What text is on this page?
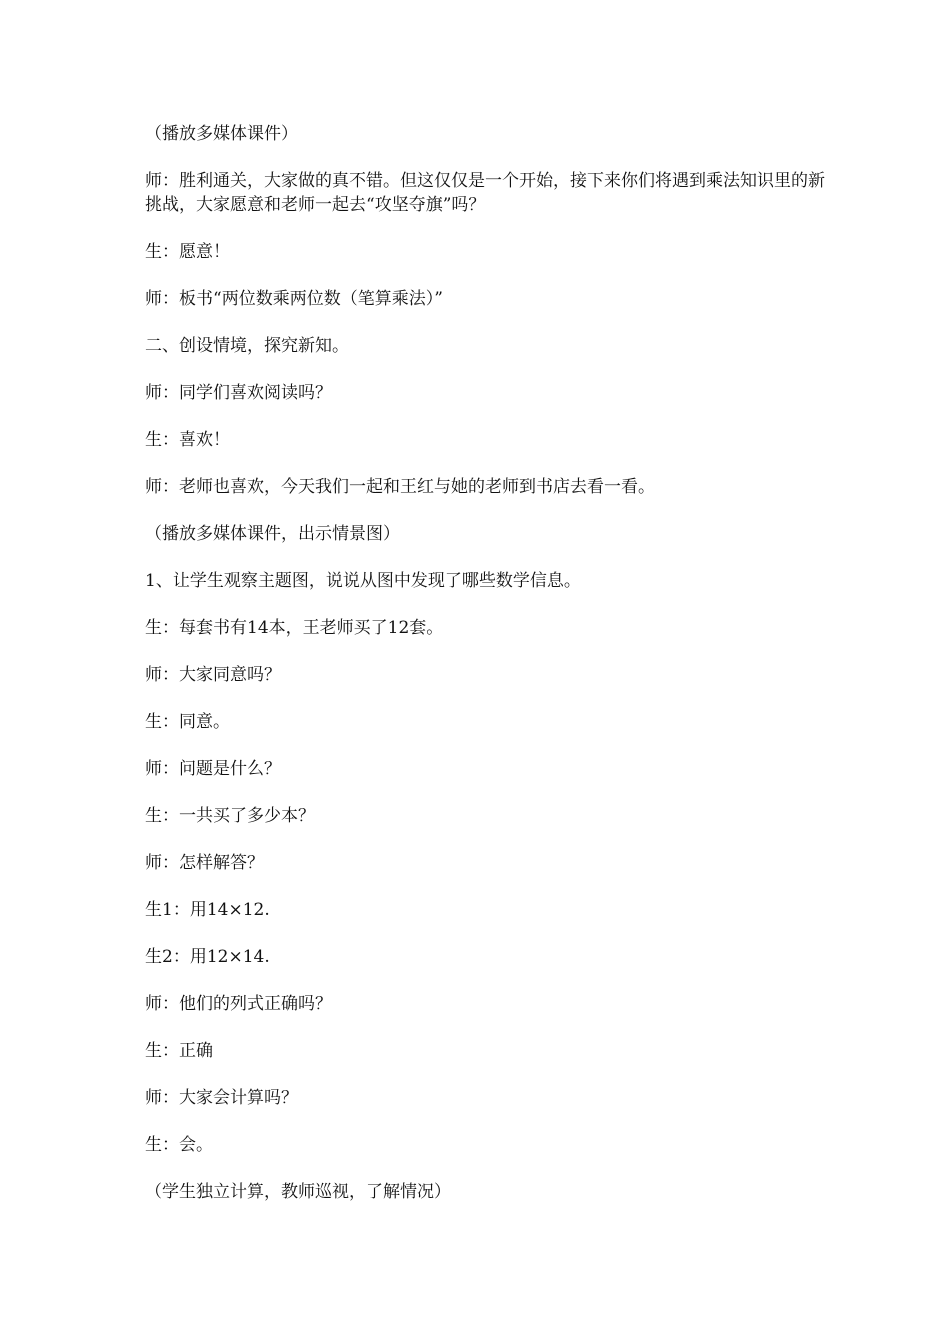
（播放多媒体课件）

师：胜利通关，大家做的真不错。但这仅仅是一个开始，接下来你们将遇到乘法知识里的新挑战，大家愿意和老师一起去“攻坚夺旗”吗？

生：愿意！

师：板书“两位数乘两位数（笔算乘法）”

二、创设情境，探究新知。

师：同学们喜欢阅读吗？

生：喜欢！

师：老师也喜欢，今天我们一起和王红与她的老师到书店去看一看。

（播放多媒体课件，出示情景图）

1、让学生观察主题图，说说从图中发现了哪些数学信息。

生：每套书有14本，王老师买了12套。

师：大家同意吗？

生：同意。

师：问题是什么？

生：一共买了多少本？

师：怎样解答？

生1：用14×12.

生2：用12×14.

师：他们的列式正确吗？

生：正确

师：大家会计算吗？

生：会。

（学生独立计算，教师巡视，了解情况）
